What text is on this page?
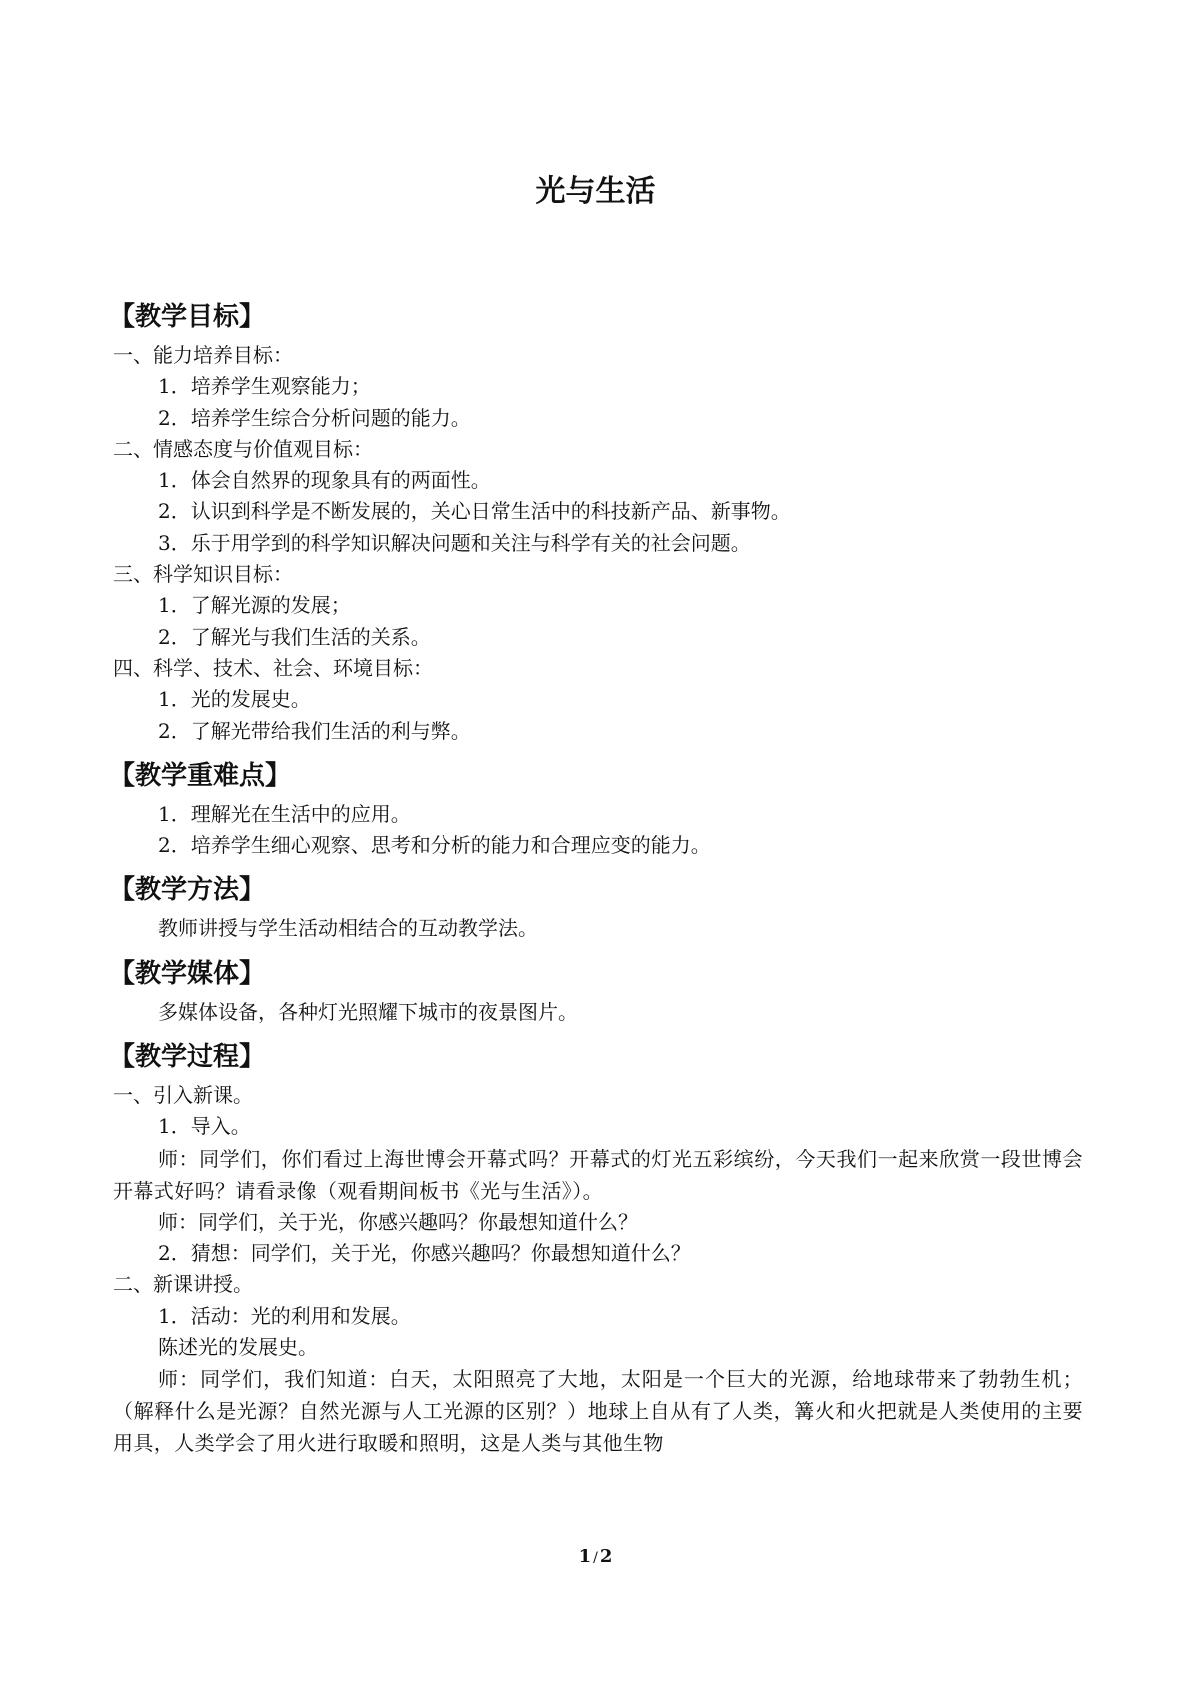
光与生活
【教学目标】
一、能力培养目标：
1．培养学生观察能力；
2．培养学生综合分析问题的能力。
二、情感态度与价值观目标：
1．体会自然界的现象具有的两面性。
2．认识到科学是不断发展的，关心日常生活中的科技新产品、新事物。
3．乐于用学到的科学知识解决问题和关注与科学有关的社会问题。
三、科学知识目标：
1．了解光源的发展；
2．了解光与我们生活的关系。
四、科学、技术、社会、环境目标：
1．光的发展史。
2．了解光带给我们生活的利与弊。
【教学重难点】
1．理解光在生活中的应用。
2．培养学生细心观察、思考和分析的能力和合理应变的能力。
【教学方法】
教师讲授与学生活动相结合的互动教学法。
【教学媒体】
多媒体设备，各种灯光照耀下城市的夜景图片。
【教学过程】
一、引入新课。
1．导入。

师：同学们，你们看过上海世博会开幕式吗？开幕式的灯光五彩缤纷，今天我们一起来欣赏一段世博会开幕式好吗？请看录像（观看期间板书《光与生活》）。

师：同学们，关于光，你感兴趣吗？你最想知道什么？
2．猜想：同学们，关于光，你感兴趣吗？你最想知道什么？
二、新课讲授。
1．活动：光的利用和发展。
陈述光的发展史。

师：同学们，我们知道：白天，太阳照亮了大地，太阳是一个巨大的光源，给地球带来了勃勃生机；（解释什么是光源？自然光源与人工光源的区别？）地球上自从有了人类，篝火和火把就是人类使用的主要用具，人类学会了用火进行取暖和照明，这是人类与其他生物

1 / 2
